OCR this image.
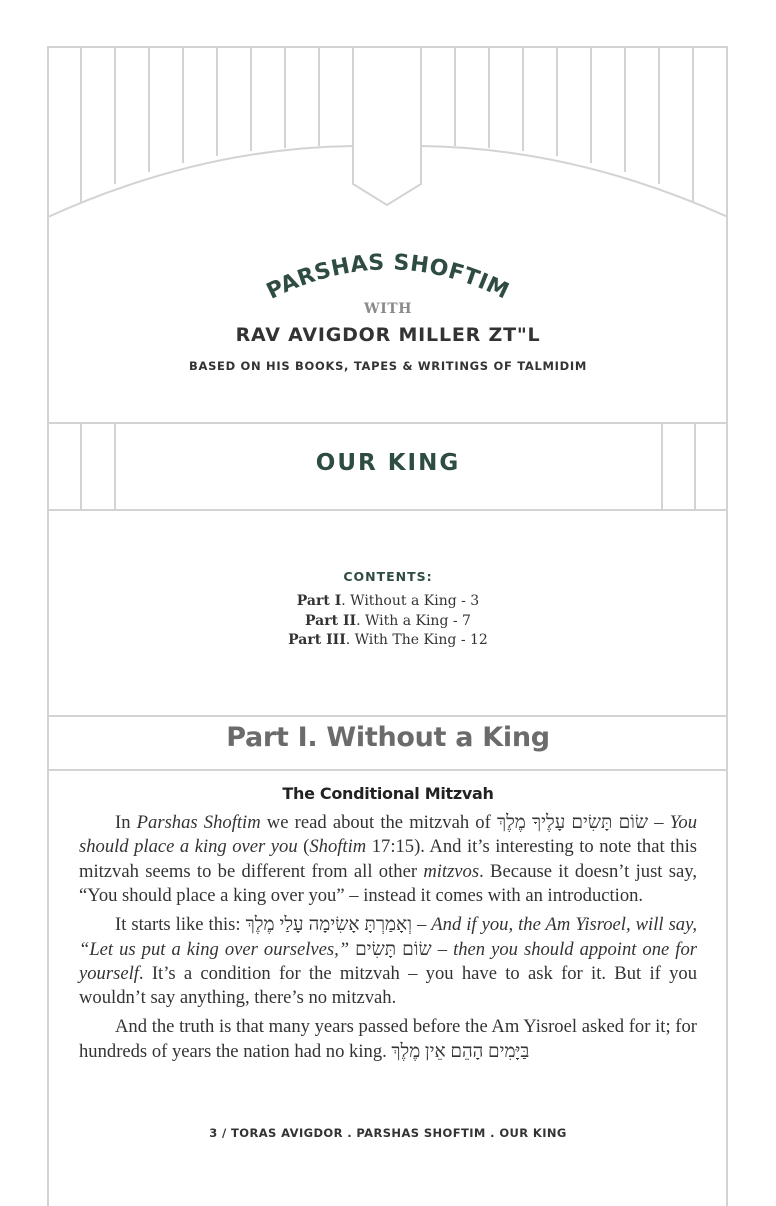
PARSHAS SHOFTIM
WITH
RAV AVIGDOR MILLER ZT"L
BASED ON HIS BOOKS, TAPES & WRITINGS OF TALMIDIM
OUR KING
CONTENTS:
Part I. Without a King - 3
Part II. With a King - 7
Part III. With The King - 12
Part I. Without a King
The Conditional Mitzvah

In Parshas Shoftim we read about the mitzvah of שׂוֹם תָּשִׂים עָלֶיךָ מֶלֶךְ – You should place a king over you (Shoftim 17:15). And it’s interesting to note that this mitzvah seems to be different from all other mitzvos. Because it doesn’t just say, “You should place a king over you” – instead it comes with an introduction.

It starts like this: וְאָמַרְתָּ אָשִׂימָה עָלַי מֶלֶךְ – And if you, the Am Yisroel, will say, “Let us put a king over ourselves,” שׂוֹם תָּשִׂים – then you should appoint one for yourself. It’s a condition for the mitzvah – you have to ask for it. But if you wouldn’t say anything, there’s no mitzvah.

And the truth is that many years passed before the Am Yisroel asked for it; for hundreds of years the nation had no king. בַּיָּמִים הָהֵם אֵין מֶלֶךְ

3 / TORAS AVIGDOR . PARSHAS SHOFTIM . OUR KING
